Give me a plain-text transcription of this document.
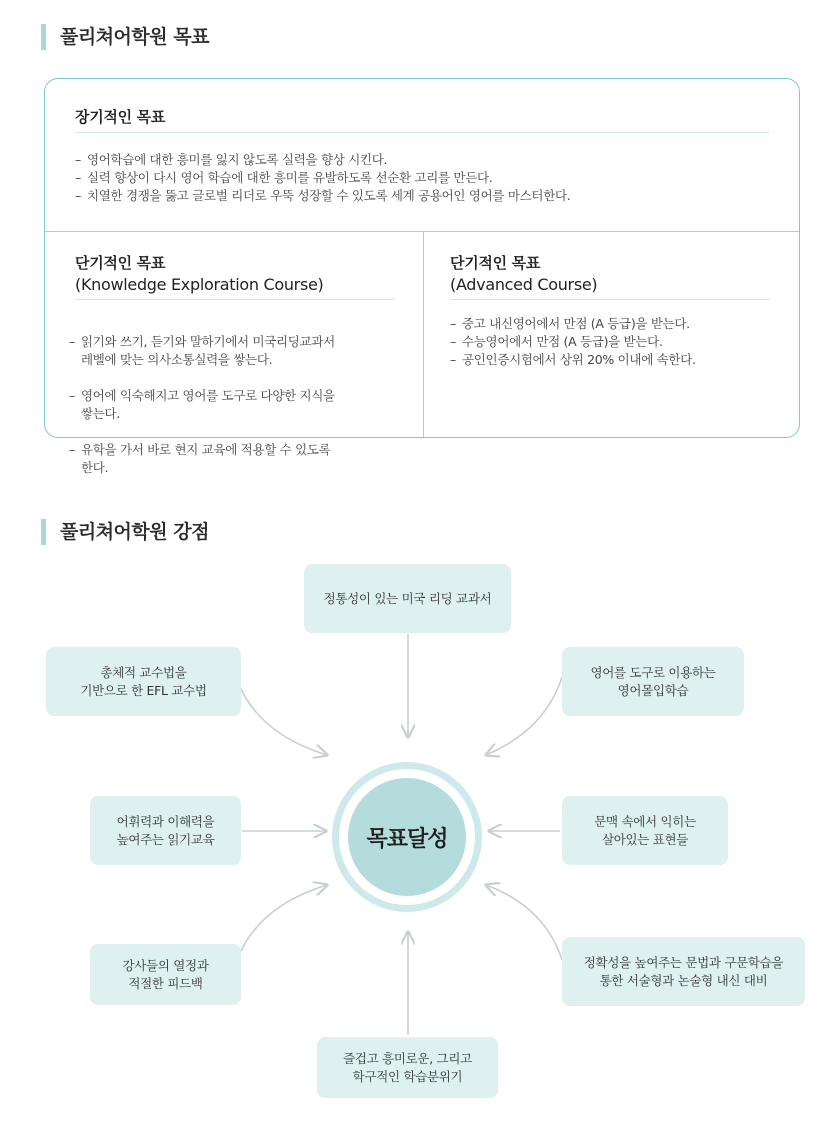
풀리쳐어학원 목표
장기적인 목표
– 영어학습에 대한 흥미를 잃지 않도록 실력을 향상 시킨다.
– 실력 향상이 다시 영어 학습에 대한 흥미를 유발하도록 선순환 고리를 만든다.
– 치열한 경쟁을 뚫고 글로벌 리더로 우뚝 성장할 수 있도록 세계 공용어인 영어를 마스터한다.
단기적인 목표
(Knowledge Exploration Course)

– 읽기와 쓰기, 듣기와 말하기에서 미국리딩교과서
레벨에 맞는 의사소통실력을 쌓는다.

– 영어에 익숙해지고 영어를 도구로 다양한 지식을
쌓는다.

– 유학을 가서 바로 현지 교육에 적용할 수 있도록
한다.

단기적인 목표
(Advanced Course)
– 중고 내신영어에서 만점 (A 등급)을 받는다.
– 수능영어에서 만점 (A 등급)을 받는다.
– 공인인증시험에서 상위 20% 이내에 속한다.
풀리쳐어학원 강점
정통성이 있는 미국 리딩 교과서
총체적 교수법을
기반으로 한 EFL 교수법
영어를 도구로 이용하는
영어몰입학습
어휘력과 이해력을
높여주는 읽기교육
문맥 속에서 익히는
살아있는 표현들
강사들의 열정과
적절한 피드백
정확성을 높여주는 문법과 구문학습을
통한 서술형과 논술형 내신 대비
즐겁고 흥미로운, 그리고
학구적인 학습분위기
목표달성
